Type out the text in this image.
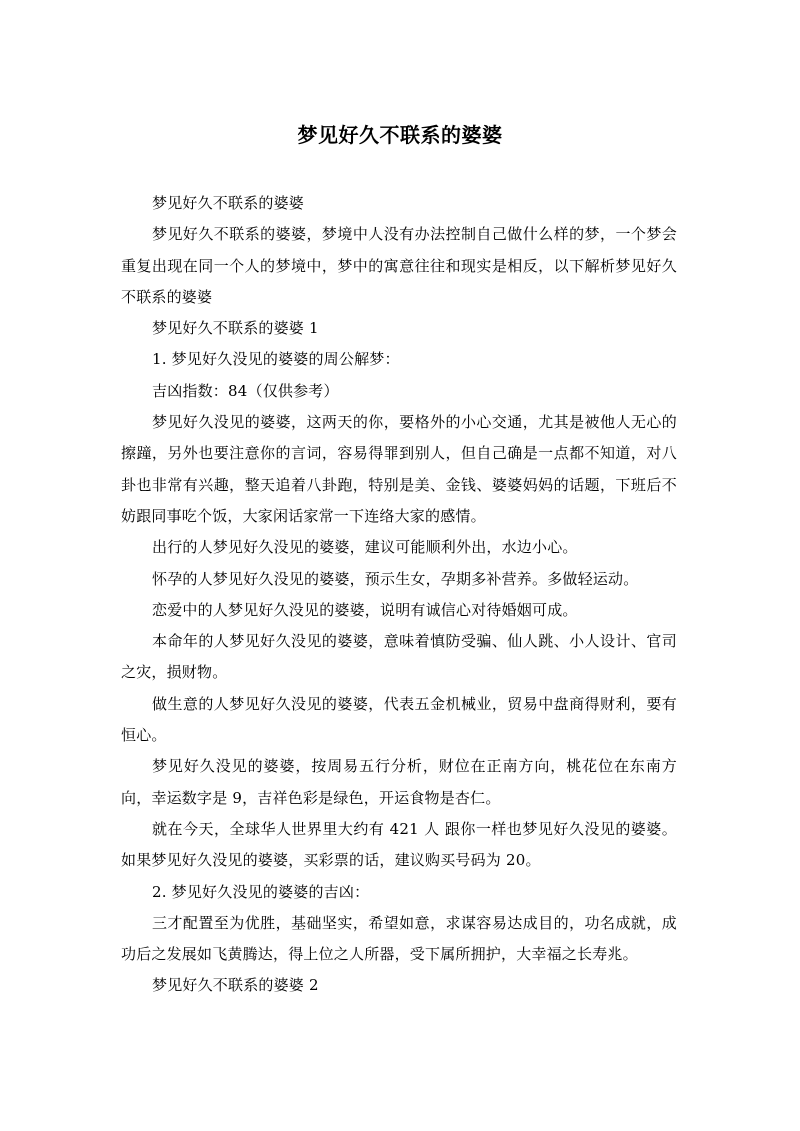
梦见好久不联系的婆婆

梦见好久不联系的婆婆

梦见好久不联系的婆婆，梦境中人没有办法控制自己做什么样的梦，一个梦会重复出现在同一个人的梦境中，梦中的寓意往往和现实是相反，以下解析梦见好久不联系的婆婆

梦见好久不联系的婆婆 1

1. 梦见好久没见的婆婆的周公解梦：

吉凶指数：84（仅供参考）

梦见好久没见的婆婆，这两天的你，要格外的小心交通，尤其是被他人无心的擦蹱，另外也要注意你的言词，容易得罪到别人，但自己确是一点都不知道，对八卦也非常有兴趣，整天追着八卦跑，特别是美、金钱、婆婆妈妈的话题，下班后不妨跟同事吃个饭，大家闲话家常一下连络大家的感情。

出行的人梦见好久没见的婆婆，建议可能顺利外出，水边小心。

怀孕的人梦见好久没见的婆婆，预示生女，孕期多补营养。多做轻运动。

恋爱中的人梦见好久没见的婆婆，说明有诚信心对待婚姻可成。

本命年的人梦见好久没见的婆婆，意味着慎防受骗、仙人跳、小人设计、官司之灾，损财物。

做生意的人梦见好久没见的婆婆，代表五金机械业，贸易中盘商得财利，要有恒心。

梦见好久没见的婆婆，按周易五行分析，财位在正南方向，桃花位在东南方向，幸运数字是 9，吉祥色彩是绿色，开运食物是杏仁。

就在今天，全球华人世界里大约有 421 人 跟你一样也梦见好久没见的婆婆。如果梦见好久没见的婆婆，买彩票的话，建议购买号码为 20。

2. 梦见好久没见的婆婆的吉凶：

三才配置至为优胜，基础坚实，希望如意，求谋容易达成目的，功名成就，成功后之发展如飞黄腾达，得上位之人所器，受下属所拥护，大幸福之长寿兆。

梦见好久不联系的婆婆 2
